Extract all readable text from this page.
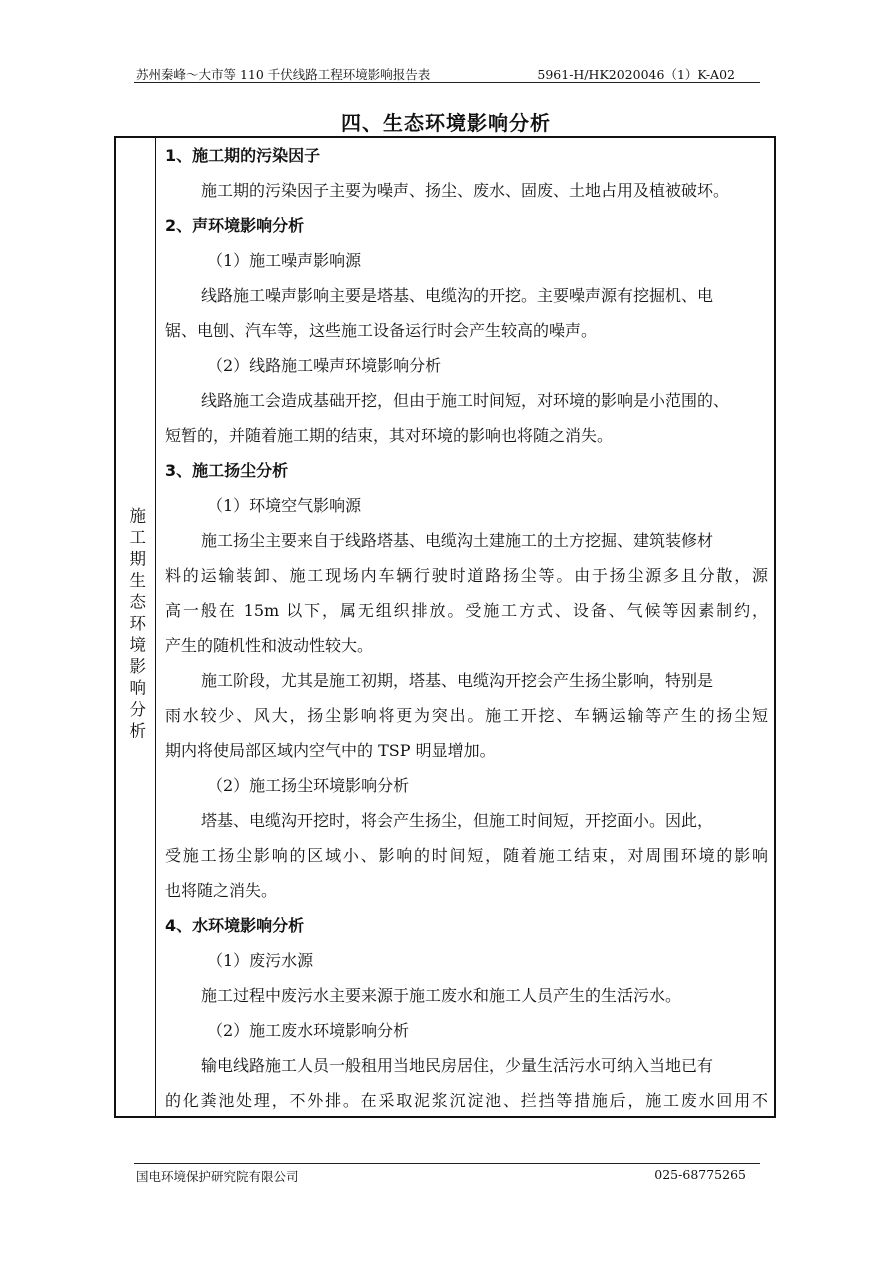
苏州秦峰～大市等 110 千伏线路工程环境影响报告表	5961-H/HK2020046（1）K-A02
四、生态环境影响分析
施工期生态环境影响分析
1、施工期的污染因子
施工期的污染因子主要为噪声、扬尘、废水、固废、土地占用及植被破坏。
2、声环境影响分析
（1）施工噪声影响源
线路施工噪声影响主要是塔基、电缆沟的开挖。主要噪声源有挖掘机、电
锯、电刨、汽车等，这些施工设备运行时会产生较高的噪声。
（2）线路施工噪声环境影响分析
线路施工会造成基础开挖，但由于施工时间短，对环境的影响是小范围的、
短暂的，并随着施工期的结束，其对环境的影响也将随之消失。
3、施工扬尘分析
（1）环境空气影响源
施工扬尘主要来自于线路塔基、电缆沟土建施工的土方挖掘、建筑装修材
料的运输装卸、施工现场内车辆行驶时道路扬尘等。由于扬尘源多且分散，源
高一般在 15m 以下，属无组织排放。受施工方式、设备、气候等因素制约，
产生的随机性和波动性较大。
施工阶段，尤其是施工初期，塔基、电缆沟开挖会产生扬尘影响，特别是
雨水较少、风大，扬尘影响将更为突出。施工开挖、车辆运输等产生的扬尘短
期内将使局部区域内空气中的 TSP 明显增加。
（2）施工扬尘环境影响分析
塔基、电缆沟开挖时，将会产生扬尘，但施工时间短，开挖面小。因此，
受施工扬尘影响的区域小、影响的时间短，随着施工结束，对周围环境的影响
也将随之消失。
4、水环境影响分析
（1）废污水源
施工过程中废污水主要来源于施工废水和施工人员产生的生活污水。
（2）施工废水环境影响分析
输电线路施工人员一般租用当地民房居住，少量生活污水可纳入当地已有
的化粪池处理，不外排。在采取泥浆沉淀池、拦挡等措施后，施工废水回用不
国电环境保护研究院有限公司	025-68775265
